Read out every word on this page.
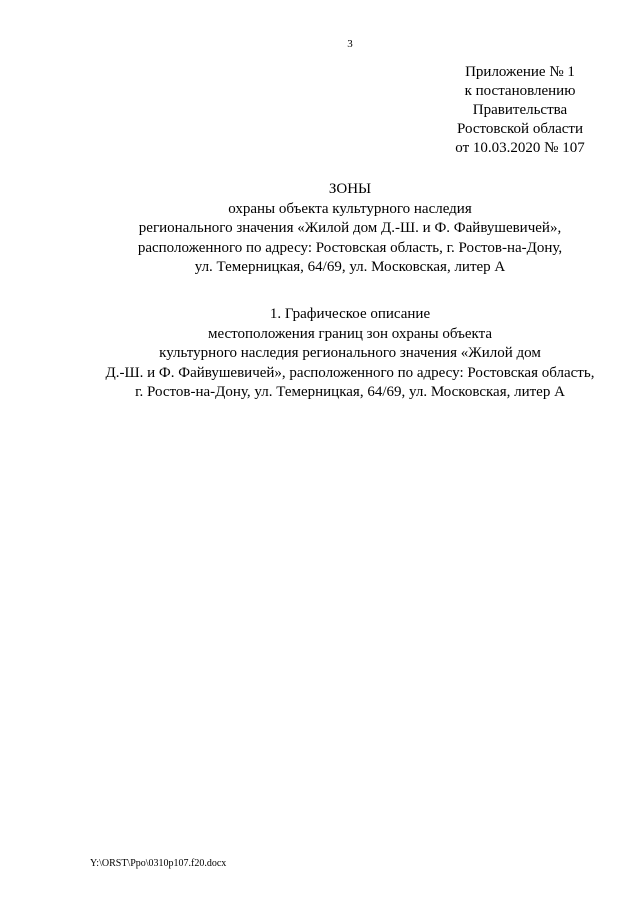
3
Приложение № 1
к постановлению
Правительства
Ростовской области
от 10.03.2020 № 107
ЗОНЫ
охраны объекта культурного наследия
регионального значения «Жилой дом Д.-Ш. и Ф. Файвушевичей»,
расположенного по адресу: Ростовская область, г. Ростов-на-Дону,
ул. Темерницкая, 64/69, ул. Московская, литер А
1. Графическое описание
местоположения границ зон охраны объекта
культурного наследия регионального значения «Жилой дом
Д.-Ш. и Ф. Файвушевичей», расположенного по адресу: Ростовская область,
г. Ростов-на-Дону, ул. Темерницкая, 64/69, ул. Московская, литер А
Y:\ORST\Ppo\0310p107.f20.docx
